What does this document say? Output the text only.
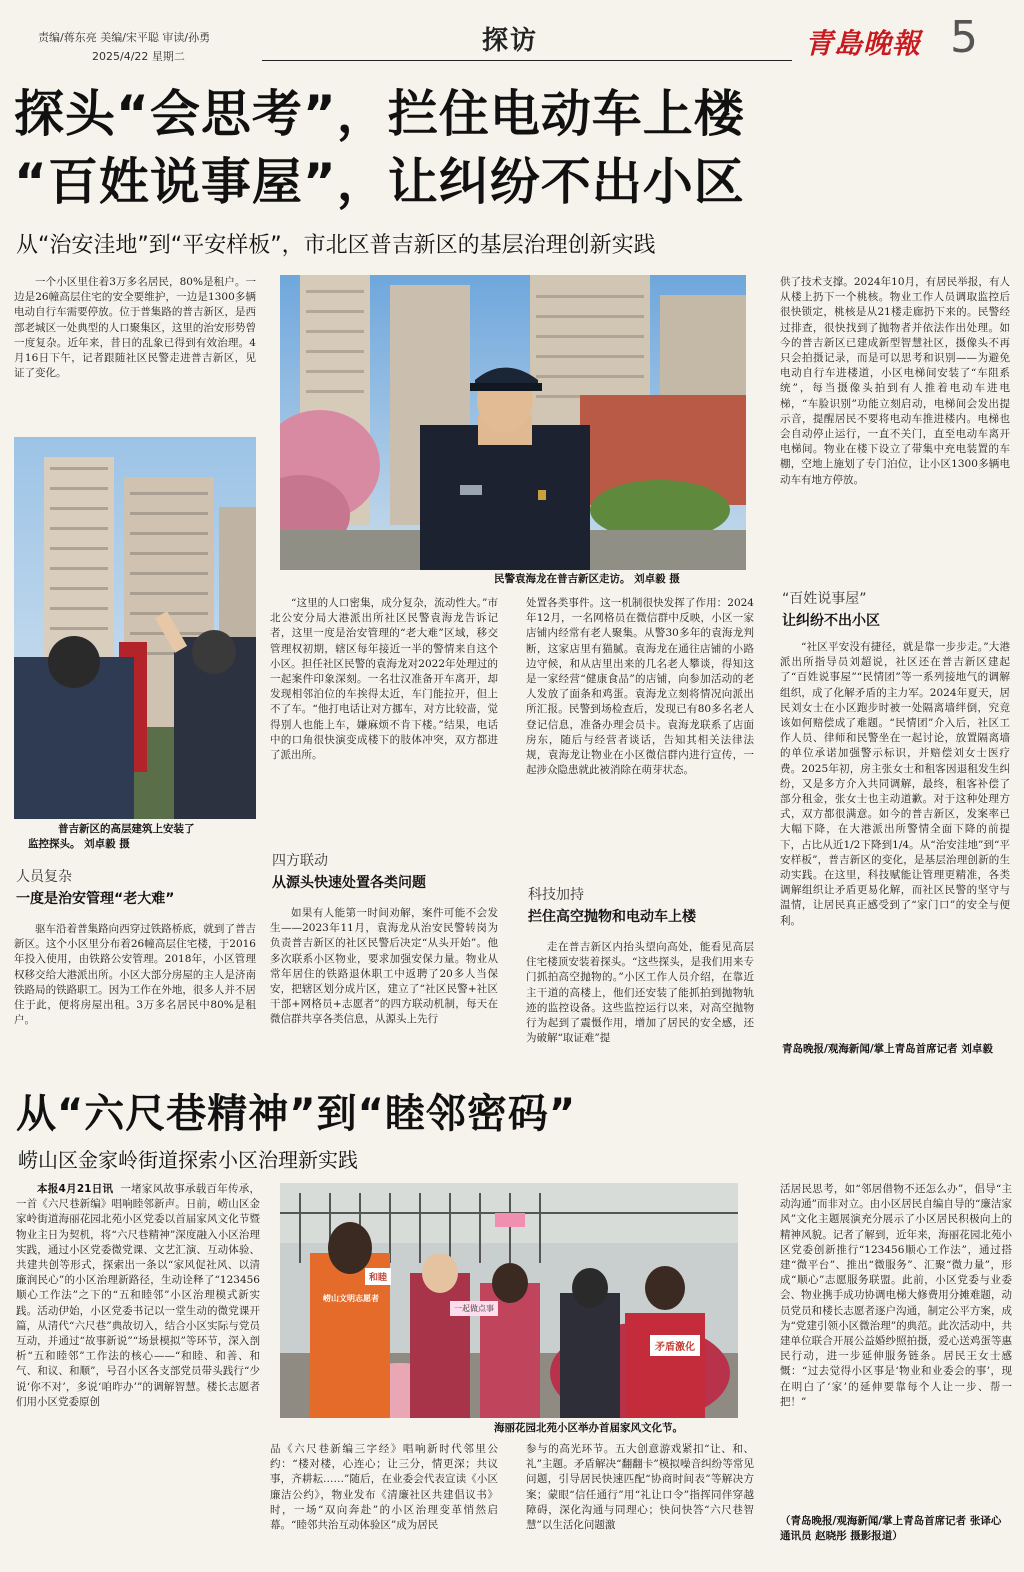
责编/蒋东亮 美编/宋平聪 审读/孙勇
2025/4/22 星期二
探访	青島晚報 5
探头“会思考”，拦住电动车上楼
“百姓说事屋”，让纠纷不出小区
从“治安洼地”到“平安样板”，市北区普吉新区的基层治理创新实践

一个小区里住着3万多名居民，80%是租户。一边是26幢高层住宅的安全要维护，一边是1300多辆电动自行车需要停放。位于普集路的普吉新区，是西部老城区一处典型的人口聚集区，这里的治安形势曾一度复杂。近年来，昔日的乱象已得到有效治理。4月16日下午，记者跟随社区民警走进普吉新区，见证了变化。

普吉新区的高层建筑上安装了
监控探头。 刘卓毅 摄
人员复杂
一度是治安管理“老大难”

驱车沿着普集路向西穿过铁路桥底，就到了普吉新区。这个小区里分布着26幢高层住宅楼，于2016年投入使用，由铁路公安管理。2018年，小区管理权移交给大港派出所。小区大部分房屋的主人是济南铁路局的铁路职工。因为工作在外地，很多人并不居住于此，便将房屋出租。3万多名居民中80%是租户。

民警袁海龙在普吉新区走访。 刘卓毅 摄

“这里的人口密集，成分复杂，流动性大。”市北公安分局大港派出所社区民警袁海龙告诉记者，这里一度是治安管理的“老大难”区域，移交管理权初期，辖区每年接近一半的警情来自这个小区。担任社区民警的袁海龙对2022年处理过的一起案件印象深刻。一名壮汉准备开车离开，却发现相邻泊位的车挨得太近，车门能拉开，但上不了车。“他打电话让对方挪车，对方比较啬，觉得别人也能上车，嫌麻烦不肯下楼。”结果，电话中的口角很快演变成楼下的肢体冲突，双方都进了派出所。

四方联动
从源头快速处置各类问题

如果有人能第一时间劝解，案件可能不会发生——2023年11月，袁海龙从治安民警转岗为负责普吉新区的社区民警后决定“从头开始”。他多次联系小区物业，要求加强安保力量。物业从常年居住的铁路退休职工中返聘了20多人当保安，把辖区划分成片区，建立了“社区民警+社区干部+网格员+志愿者”的四方联动机制，每天在微信群共享各类信息，从源头上先行

处置各类事件。这一机制很快发挥了作用：2024年12月，一名网格员在微信群中反映，小区一家店铺内经常有老人聚集。从警30多年的袁海龙判断，这家店里有猫腻。袁海龙在通往店铺的小路边守候，和从店里出来的几名老人攀谈，得知这是一家经营“健康食品”的店铺，向参加活动的老人发放了面条和鸡蛋。袁海龙立刻将情况向派出所汇报。民警到场检查后，发现已有80多名老人登记信息，准备办理会员卡。袁海龙联系了店面房东，随后与经营者谈话，告知其相关法律法规，袁海龙让物业在小区微信群内进行宣传，一起涉众隐患就此被消除在萌芽状态。

科技加持
拦住高空抛物和电动车上楼

走在普吉新区内抬头望向高处，能看见高层住宅楼顶安装着探头。“这些探头，是我们用来专门抓拍高空抛物的。”小区工作人员介绍，在靠近主干道的高楼上，他们还安装了能抓拍到抛物轨迹的监控设备。这些监控运行以来，对高空抛物行为起到了震慑作用，增加了居民的安全感，还为破解“取证难”提

供了技术支撑。2024年10月，有居民举报，有人从楼上扔下一个桃核。物业工作人员调取监控后很快锁定，桃核是从21楼走廊扔下来的。民警经过排查，很快找到了抛物者并依法作出处理。如今的普吉新区已建成新型智慧社区，摄像头不再只会拍摄记录，而是可以思考和识别——为避免电动自行车进楼道，小区电梯间安装了“车阻系统”，每当摄像头拍到有人推着电动车进电梯，“车脸识别”功能立刻启动，电梯间会发出提示音，提醒居民不要将电动车推进楼内。电梯也会自动停止运行，一直不关门，直至电动车离开电梯间。物业在楼下设立了带集中充电装置的车棚，空地上施划了专门泊位，让小区1300多辆电动车有地方停放。

“百姓说事屋”
让纠纷不出小区

“社区平安没有捷径，就是靠一步步走。”大港派出所指导员刘超说，社区还在普吉新区建起了“百姓说事屋”“民情团”等一系列接地气的调解组织，成了化解矛盾的主力军。2024年夏天，居民刘女士在小区跑步时被一处隔离墙绊倒，究竟该如何赔偿成了难题。“民情团”介入后，社区工作人员、律师和民警坐在一起讨论，放置隔离墙的单位承诺加强警示标识，并赔偿刘女士医疗费。2025年初，房主张女士和租客因退租发生纠纷，又是多方介入共同调解，最终，租客补偿了部分租金，张女士也主动道歉。对于这种处理方式，双方都很满意。如今的普吉新区，发案率已大幅下降，在大港派出所警情全面下降的前提下，占比从近1/2下降到1/4。从“治安洼地”到“平安样板”，普吉新区的变化，是基层治理创新的生动实践。在这里，科技赋能让管理更精准，各类调解组织让矛盾更易化解，而社区民警的坚守与温情，让居民真正感受到了“家门口”的安全与便利。

青岛晚报/观海新闻/掌上青岛首席记者 刘卓毅
从“六尺巷精神”到“睦邻密码”
崂山区金家岭街道探索小区治理新实践

本报4月21日讯 一堵家风故事承载百年传承，一首《六尺巷新编》唱响睦邻新声。日前，崂山区金家岭街道海丽花园北苑小区党委以首届家风文化节暨物业主日为契机，将“六尺巷精神”深度融入小区治理实践，通过小区党委微党课、文艺汇演、互动体验、共建共创等形式，探索出一条以“家风促社风、以清廉润民心”的小区治理新路径，生动诠释了“123456顺心工作法”之下的“五和睦邻”小区治理模式新实践。活动伊始，小区党委书记以一堂生动的微党课开篇，从清代“六尺巷”典故切入，结合小区实际与党员互动，并通过“故事新说”“场景模拟”等环节，深入剖析“五和睦邻”工作法的核心——“和睦、和善、和气、和议、和顺”，号召小区各支部党员带头践行“少说‘你不对’，多说‘咱昨办’”的调解智慧。楼长志愿者们用小区党委原创

和睦
一起做点事
矛盾激化
崂山文明志愿者
海丽花园北苑小区举办首届家风文化节。

品《六尺巷新编三字经》唱响新时代邻里公约：“楼对楼，心连心；让三分，情更深；共议事，齐耕耘……”随后，在业委会代表宣读《小区廉洁公约》，物业发布《清廉社区共建倡议书》时，一场“双向奔赴”的小区治理变革悄然启幕。“睦邻共治互动体验区”成为居民

参与的高光环节。五大创意游戏紧扣“让、和、礼”主题。矛盾解决“翻翻卡”模拟噪音纠纷等常见问题，引导居民快速匹配“协商时间表”等解决方案；蒙眼“信任通行”用“礼让口令”指挥同伴穿越障碍，深化沟通与同理心；快问快答“六尺巷智慧”以生活化问题激

活居民思考，如“邻居借物不还怎么办”，倡导“主动沟通”而非对立。由小区居民自编自导的“廉洁家风”文化主题展演充分展示了小区居民积极向上的精神风貌。记者了解到，近年来，海丽花园北苑小区党委创新推行“123456顺心工作法”，通过搭建“微平台”、推出“微服务”、汇聚“微力量”，形成“顺心”志愿服务联盟。此前，小区党委与业委会、物业携手成功协调电梯大修费用分摊难题，动员党员和楼长志愿者逐户沟通，制定公平方案，成为“党建引领小区微治理”的典范。此次活动中，共建单位联合开展公益婚纱照拍摄，爱心送鸡蛋等惠民行动，进一步延伸服务链条。居民王女士感慨：“过去觉得小区事是‘物业和业委会的事’，现在明白了‘家’的延伸要靠每个人让一步、帮一把！”

（青岛晚报/观海新闻/掌上青岛首席记者 张译心 通讯员 赵晓彤 摄影报道）
